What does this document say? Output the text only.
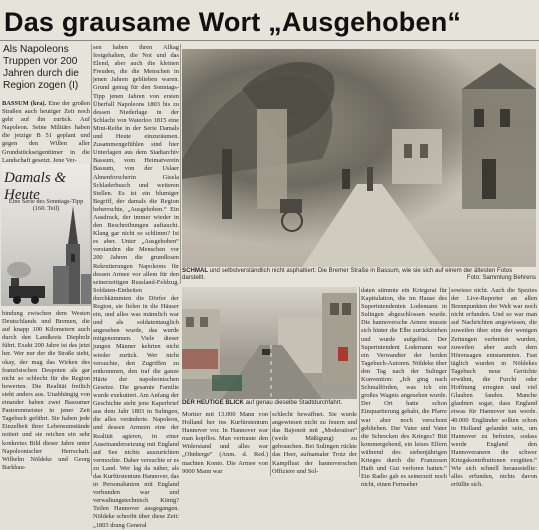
Das grausame Wort „Ausgehoben“
Als Napoleons Truppen vor 200 Jahren durch die Region zogen (I)

BASSUM (kra). Eine der großen Straßen auch heutiger Zeit noch geht auf ihn zurück. Auf Napoleon. Seine Militärs haben die jetzige B 51 geplant und gegen den Willen aller Grundstückseigentümer in die Landschaft gesetzt. Jene Ver-

Damals & Heute
Eine Serie des Sonntags-Tipp (160. Teil)
bindung zwischen dem Westen Deutschlands und Bremen, die auf knapp 100 Kilometern auch durch den Landkreis Diepholz führt. Exakt 200 Jahre ist das jetzt her. Wer nur der die Straße sieht, okay, der mag das Wirken des französischen Despoten als gar nicht so schlecht für die Region bewerten. Die Realität freilich sieht anders aus. Unabhängig von einander haben zwei Bassumer Pastorenmeister in jener Zeit Tagebuch geführt. Sie haben jede Einzelheit ihrer Lebensumstände notiert und sie reichen ein sehr konkretes Bild dieser Jahre unter Napoleonischer Herrschaft. Wilhelm Nöldeke und Georg Barkhau-
sen haben ihren Alltag festgehalten, die Not und das Elend, aber auch die kleinen Freuden, die die Menschen in jenen Jahren geblieben waren. Grund genug für den Sonntags-Tipp jenen Jahren von ersten Überfall Napoleons 1803 bis zu dessen Niederlage in der Schlacht von Waterloo 1815 eine Mini-Reihe in der Serie Damals und Heute einzuräumen. Zusammengefühlen sind hier Unterlagen aus dem Stadtarchiv Bassum, vom Heimatverein Bassum, von der Uslaer Ahnenforscherin Gisela Schladerbusch und weiteren Stellen. Es ist ein blumiger Begriff, der damals die Region beherrschte, „Ausgehoben.“ Ein Ausdruck, der immer wieder in den Beschreibungen auftaucht. Klang gar nicht so schlimm? Ist es aber. Unter „Ausgehoben“ verstanden die Menschen vor 200 Jahren die grundlosen Rekrutierungen Napoleons für dessen Armee vor allem für den seinerzeitigen Russland-Feldzug. Soldaten-Einheiten durchkämmten die Dörfer der Region, sie fielen in die Häuser ein, und alles was männlich war und als soldatentauglich angesehen wurde, das wurde mitgenommen. Viele dieser jungen Männer kehrten nicht wieder zurück. Wer nicht versuchte, den Zugriffen zu entkommen, den traf die ganze Härte der napoleonischen Gesetze. Die gesamte Familie wurde exekutiert. Am Anfang der Geschichte steht jene Kaperbrief aus dem Jahr 1803 in Sulingen, die alles veränderte. Napoleon, und dessen Armeen eine der Realität agieren, in einer Auseinandersetzung mit England auf See nichts auszurichten vermochte. Daher versuchte er es zu Land. Wer lag da näher, als das Kurfürstentum Hannover, das in Personalunion mit England verbunden war und verwaltungstechnisch König? Teilen Hannover ausgegangen. Nöldeke schreibt über diese Zeit: „1803 drang General
SCHMAL und selbstverständlich nicht asphaltiert: Die Bremer Straße in Bassum, wie sie sich auf einem der ältesten Fotos darstellt.	Foto: Sammlung Behrens
DER HEUTIGE BLICK auf genau dieselbe Stadtdurchfahrt.
Mortier mit 13.000 Mann von Holland her ins Kurfürstentum Hannover vor. In Hannover war man kopflos. Man vertraute den Widerstand und alles war „Ohnberge“ (Anm. d. Red.) machten Konto. Die Armee von 9000 Mann war
schlecht bewaffnet. Sie wurde angewiesen nicht zu feuern und das Bajonett mit „Moderation“ (weile Mäßigung) zu gebrauchen. Bei Sulingen rückte das Heer, aufnamaler Trotz der Kampflust der hannoverschen Offiziere und Sol-
daten stimmte ein Kriegsrat für Kapitulation, die im Hause des Superintendenten Lodemann in Sulingen abgeschlossen wurde. Die hannoversche Armee musste sich hinter die Elbe zurückziehen und wurde aufgelöst. Der Superintendent Lodemann war ein Verwandter der beiden Tagebuch-Autoren. Nöldeke über den Tag nach der Sulinger Konvention: „Ich ging nach Schmalförden, was ich ein großes Wagnis angesehen wurde. Der Ort hatte schon Einquartierung gehabt, die Pfarre war aber noch verschont geblieben. Der Vater und Vater die Schrecken des Krieges? Bitt kommergehend, ein leises Elfern während des siebenjährigen Krieges durch die Franzosen Haib und Gut verloren hatten.“ Ein Radio gab es seinerzeit noch nicht, einen Fernseher
sowieso nicht. Auch die Spezies der Live-Reporter an allen Brennpunkten der Welt war noch nicht erfunden. Und so war man auf Nachrichten angewiesen, die zuweilen über eine der wenigen Zeitungen verbreitet wurden, zuweilen aber auch dem Hörensagen entstammten. Fast täglich wurden in Nöldekes Tagebuch neue Gerüchte erwähnt, die Furcht oder Hoffnung erregten und viel Glauben fanden. Manche glaubten sogar, dass England etwas für Hannover tun werde. 40.000 Engländer sollten schon in Holland gelandet sein, um Hannover zu befreien, sodass werde England den Hannoveranern die schwer Kriegskontributionen vergüten.“ Wie sich schnell herausstellte: alles erfunden, nichts davon erfüllte sich.
